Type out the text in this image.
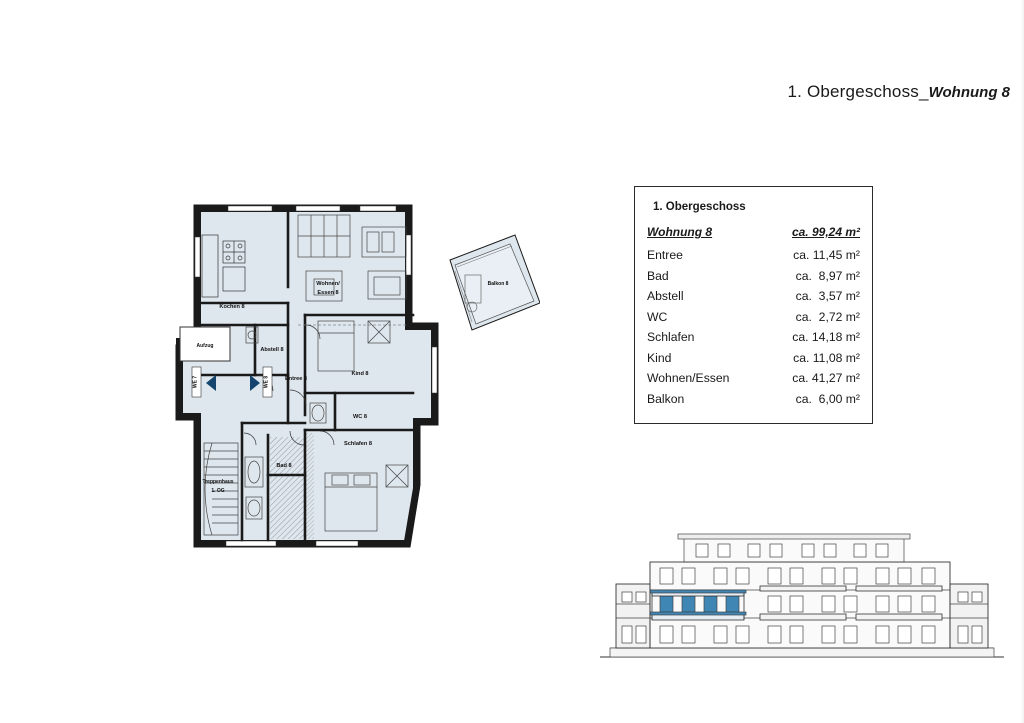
1. Obergeschoss_Wohnung 8
Balkon 8
Aufzug
WE 7	WE 8
Kochen 8
Wohnen/
Essen 8
Abstell 8
Entree 8
Kind 8
WC 8
Bad 8
Schlafen 8
Treppenhaus
1. OG
1. Obergeschoss
Wohnung 8	ca. 99,24 m²
Entree	ca. 11,45 m²
Bad	ca.  8,97 m²
Abstell	ca.  3,57 m²
WC	ca.  2,72 m²
Schlafen	ca. 14,18 m²
Kind	ca. 11,08 m²
Wohnen/Essen	ca. 41,27 m²
Balkon	ca.  6,00 m²
